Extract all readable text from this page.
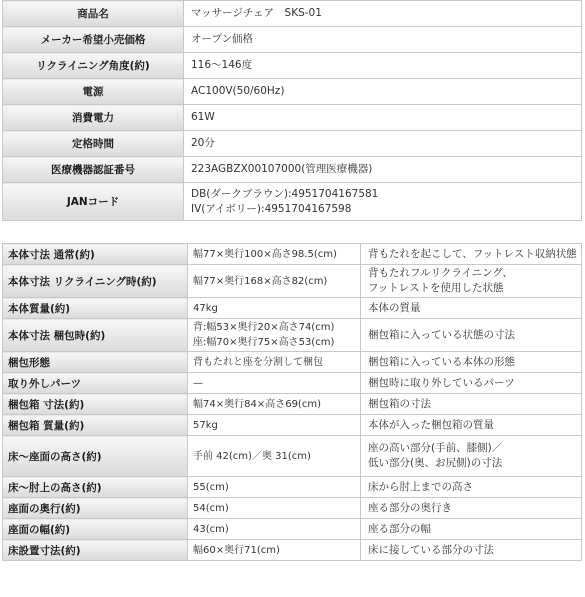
商品名	マッサージチェア　SKS-01

メーカー希望小売価格	オープン価格

リクライニング角度(約)	116～146度

電源	AC100V(50/60Hz)

消費電力	61W

定格時間	20分

医療機器認証番号	223AGBZX00107000(管理医療機器)

JANコード	DB(ダークブラウン):4951704167581
IV(アイボリー):4951704167598
本体寸法 通常(約)	幅77×奥行100×高さ98.5(cm)	背もたれを起こして、フットレスト収納状態

本体寸法 リクライニング時(約)	幅77×奥行168×高さ82(cm)	背もたれフルリクライニング、
フットレストを使用した状態

本体質量(約)	47kg	本体の質量

本体寸法 梱包時(約)	背:幅53×奥行20×高さ74(cm)
座:幅70×奥行75×高さ53(cm)	梱包箱に入っている状態の寸法

梱包形態	背もたれと座を分割して梱包	梱包箱に入っている本体の形態

取り外しパーツ	—	梱包時に取り外しているパーツ

梱包箱 寸法(約)	幅74×奥行84×高さ69(cm)	梱包箱の寸法

梱包箱 質量(約)	57kg	本体が入った梱包箱の質量

床～座面の高さ(約)	手前 42(cm)／奥 31(cm)	座の高い部分(手前、膝側)／
低い部分(奥、お尻側)の寸法

床～肘上の高さ(約)	55(cm)	床から肘上までの高さ

座面の奥行(約)	54(cm)	座る部分の奥行き

座面の幅(約)	43(cm)	座る部分の幅

床設置寸法(約)	幅60×奥行71(cm)	床に接している部分の寸法
